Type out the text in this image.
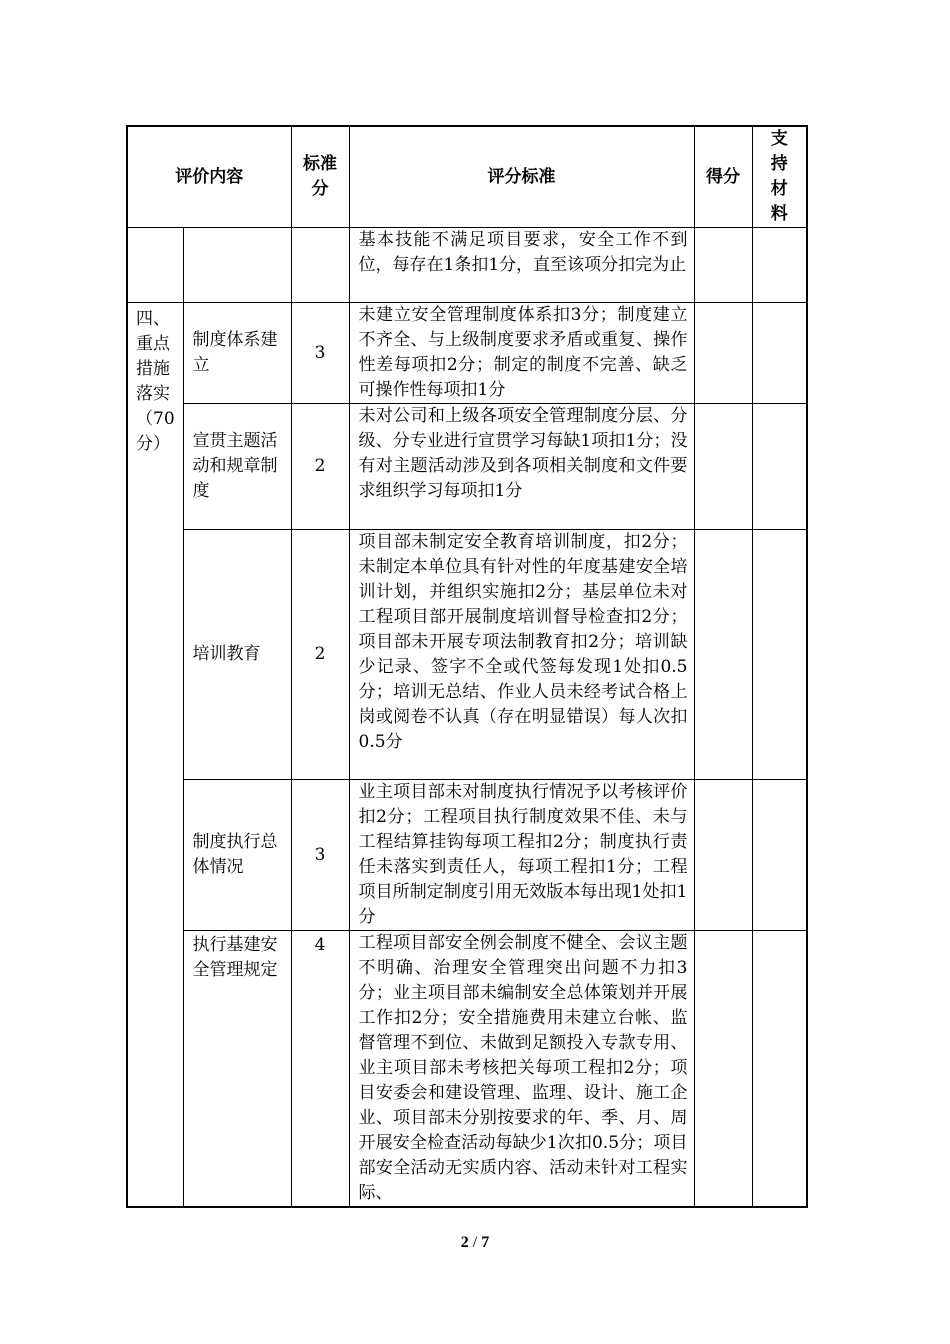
评价内容		标准分	评分标准	得分	支持材料

			基本技能不满足项目要求，安全工作不到位，每存在1条扣1分，直至该项分扣完为止		

四、重点措施落实（70分）	制度体系建立	3	未建立安全管理制度体系扣3分；制度建立不齐全、与上级制度要求矛盾或重复、操作性差每项扣2分；制定的制度不完善、缺乏可操作性每项扣1分		
	宣贯主题活动和规章制度	2	未对公司和上级各项安全管理制度分层、分级、分专业进行宣贯学习每缺1项扣1分；没有对主题活动涉及到各项相关制度和文件要求组织学习每项扣1分		
	培训教育	2	项目部未制定安全教育培训制度，扣2分；未制定本单位具有针对性的年度基建安全培训计划，并组织实施扣2分；基层单位未对工程项目部开展制度培训督导检查扣2分；项目部未开展专项法制教育扣2分；培训缺少记录、签字不全或代签每发现1处扣0.5分；培训无总结、作业人员未经考试合格上岗或阅卷不认真（存在明显错误）每人次扣0.5分		
	制度执行总体情况	3	业主项目部未对制度执行情况予以考核评价扣2分；工程项目执行制度效果不佳、未与工程结算挂钩每项工程扣2分；制度执行责任未落实到责任人，每项工程扣1分；工程项目所制定制度引用无效版本每出现1处扣1分		
	执行基建安全管理规定	4	工程项目部安全例会制度不健全、会议主题不明确、治理安全管理突出问题不力扣3分；业主项目部未编制安全总体策划并开展工作扣2分；安全措施费用未建立台帐、监督管理不到位、未做到足额投入专款专用、业主项目部未考核把关每项工程扣2分；项目安委会和建设管理、监理、设计、施工企业、项目部未分别按要求的年、季、月、周开展安全检查活动每缺少1次扣0.5分；项目部安全活动无实质内容、活动未针对工程实际、		
2 / 7
